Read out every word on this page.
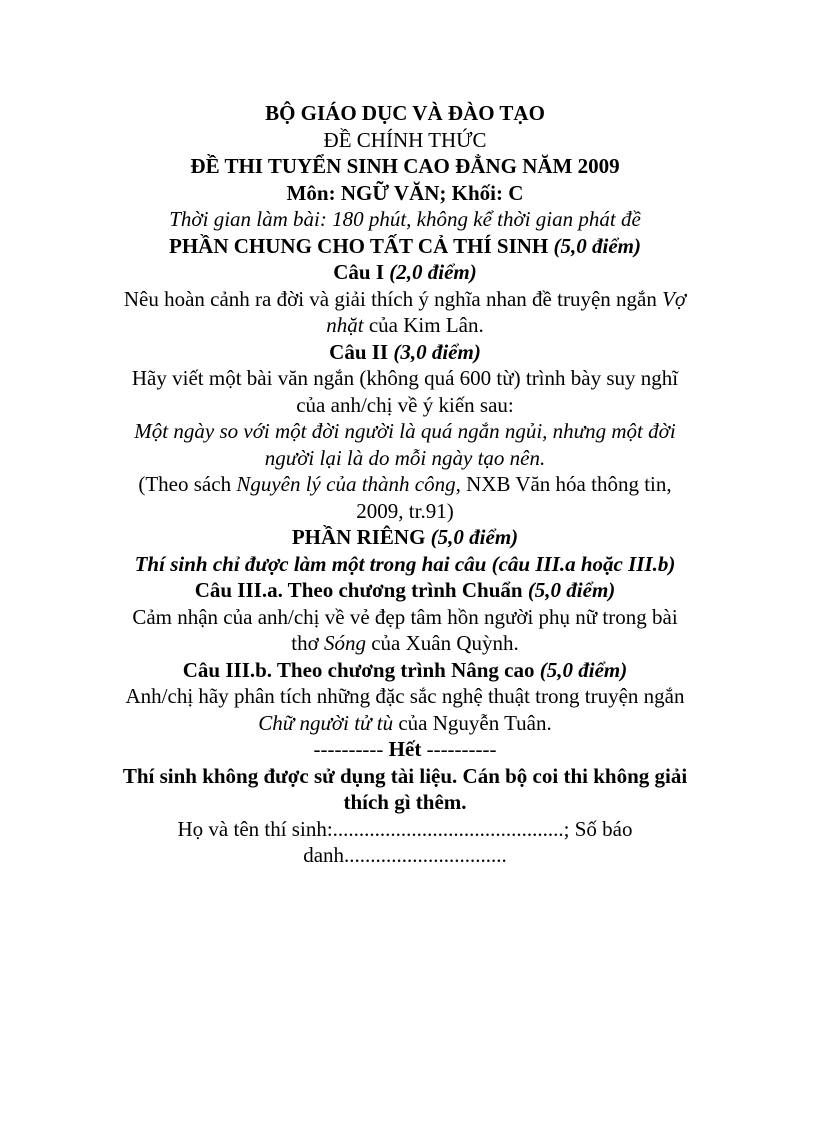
BỘ GIÁO DỤC VÀ ĐÀO TẠO
ĐỀ CHÍNH THỨC
ĐỀ THI TUYỂN SINH CAO ĐẲNG NĂM 2009
Môn: NGỮ VĂN; Khối: C
Thời gian làm bài: 180 phút, không kể thời gian phát đề
PHẦN CHUNG CHO TẤT CẢ THÍ SINH (5,0 điểm)
Câu I (2,0 điểm)
Nêu hoàn cảnh ra đời và giải thích ý nghĩa nhan đề truyện ngắn Vợ
nhặt của Kim Lân.
Câu II (3,0 điểm)
Hãy viết một bài văn ngắn (không quá 600 từ) trình bày suy nghĩ
của anh/chị về ý kiến sau:
Một ngày so với một đời người là quá ngắn ngủi, nhưng một đời
người lại là do mỗi ngày tạo nên.
(Theo sách Nguyên lý của thành công, NXB Văn hóa thông tin,
2009, tr.91)
PHẦN RIÊNG (5,0 điểm)
Thí sinh chỉ được làm một trong hai câu (câu III.a hoặc III.b)
Câu III.a. Theo chương trình Chuẩn (5,0 điểm)
Cảm nhận của anh/chị về vẻ đẹp tâm hồn người phụ nữ trong bài
thơ Sóng của Xuân Quỳnh.
Câu III.b. Theo chương trình Nâng cao (5,0 điểm)
Anh/chị hãy phân tích những đặc sắc nghệ thuật trong truyện ngắn
Chữ người tử tù của Nguyễn Tuân.
---------- Hết ----------
Thí sinh không được sử dụng tài liệu. Cán bộ coi thi không giải
thích gì thêm.
Họ và tên thí sinh:............................................; Số báo
danh...............................
